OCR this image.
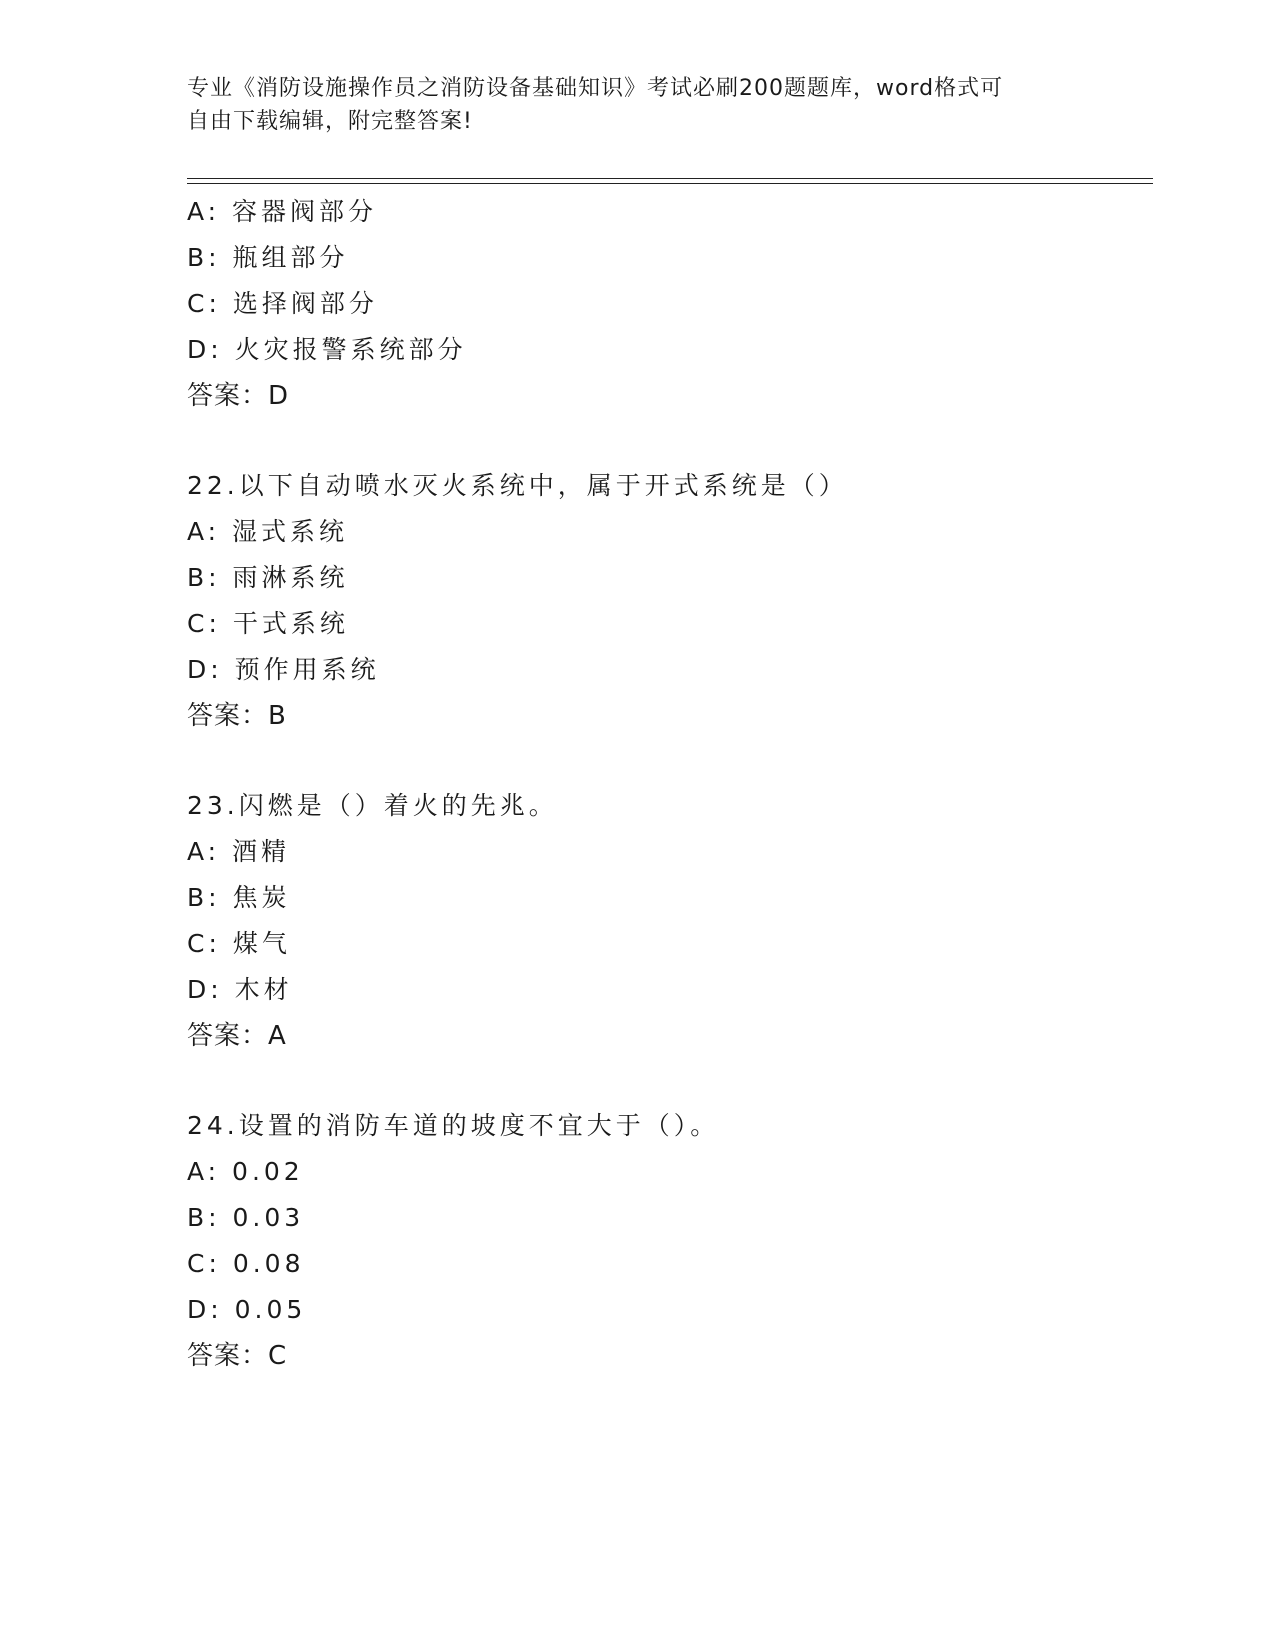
专业《消防设施操作员之消防设备基础知识》考试必刷200题题库，word格式可
自由下载编辑，附完整答案!
A: 容器阀部分
B: 瓶组部分
C: 选择阀部分
D: 火灾报警系统部分
答案：D
22.以下自动喷水灭火系统中，属于开式系统是（）
A: 湿式系统
B: 雨淋系统
C: 干式系统
D: 预作用系统
答案：B
23.闪燃是（）着火的先兆。
A: 酒精
B: 焦炭
C: 煤气
D: 木材
答案：A
24.设置的消防车道的坡度不宜大于（）。
A: 0.02
B: 0.03
C: 0.08
D: 0.05
答案：C
